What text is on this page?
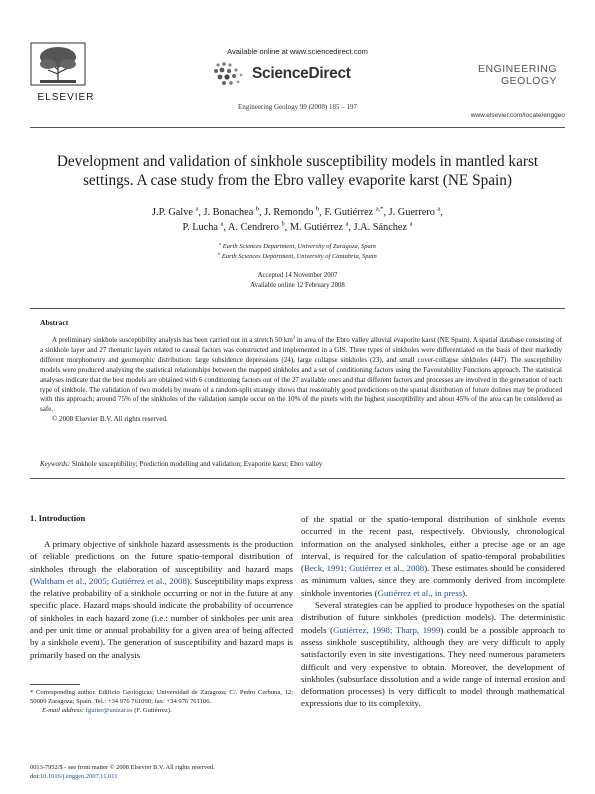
ELSEVIER
Available online at www.sciencedirect.com
ScienceDirect
Engineering Geology 99 (2008) 185 – 197
ENGINEERING
GEOLOGY
www.elsevier.com/locate/enggeo
Development and validation of sinkhole susceptibility models in mantled karst settings. A case study from the Ebro valley evaporite karst (NE Spain)
J.P. Galve $^a$, J. Bonachea $^b$, J. Remondo $^b$, F. Gutiérrez $^{a,*}$, J. Guerrero $^a$,
P. Lucha $^a$, A. Cendrero $^b$, M. Gutiérrez $^a$, J.A. Sánchez $^a$
$^a$ Earth Sciences Department, University of Zaragoza, Spain
$^b$ Earth Sciences Department, University of Cantabria, Spain
Accepted 14 November 2007
Available online 12 February 2008
Abstract

A preliminary sinkhole susceptibility analysis has been carried out in a stretch 50 $km^2$ in area of the Ebro valley alluvial evaporite karst (NE Spain). A spatial database consisting of a sinkhole layer and 27 thematic layers related to causal factors was constructed and implemented in a GIS. Three types of sinkholes were differentiated on the basis of their markedly different morphometry and geomorphic distribution: large subsidence depressions (24), large collapse sinkholes (23), and small cover-collapse sinkholes (447). The susceptibility models were produced analysing the statistical relationships between the mapped sinkholes and a set of conditioning factors using the Favourability Functions approach. The statistical analyses indicate that the best models are obtained with 6 conditioning factors out of the 27 available ones and that different factors and processes are involved in the generation of each type of sinkhole. The validation of two models by means of a random-split strategy shows that reasonably good predictions on the spatial distribution of future dolines may be produced with this approach; around 75% of the sinkholes of the validation sample occur on the 10% of the pixels with the highest susceptibility and about 45% of the area can be considered as safe.

© 2008 Elsevier B.V. All rights reserved.

Keywords: Sinkhole susceptibility; Prediction modelling and validation; Evaporite karst; Ebro valley
1. Introduction

A primary objective of sinkhole hazard assessments is the production of reliable predictions on the future spatio-temporal distribution of sinkholes through the elaboration of susceptibility and hazard maps (Waltham et al., 2005; Gutiérrez et al., 2008). Susceptibility maps express the relative probability of a sinkhole occurring or not in the future at any specific place. Hazard maps should indicate the probability of occurrence of sinkholes in each hazard zone (i.e.: number of sinkholes per unit area and per unit time or annual probability for a given area of being affected by a sinkhole event). The generation of susceptibility and hazard maps is primarily based on the analysis

of the spatial or the spatio-temporal distribution of sinkhole events occurred in the recent past, respectively. Obviously, chronological information on the analysed sinkholes, either a precise age or an age interval, is required for the calculation of spatio-temporal probabilities (Beck, 1991; Gutiérrez et al., 2008). These estimates should be considered as minimum values, since they are commonly derived from incomplete sinkhole inventories (Gutiérrez et al., in press).

Several strategies can be applied to produce hypotheses on the spatial distribution of future sinkholes (prediction models). The deterministic models (Gutiérrez, 1998; Tharp, 1999) could be a possible approach to assess sinkhole susceptibility, although they are very difficult to apply satisfactorily even in site investigations. They need numerous parameters difficult and very expensive to obtain. Moreover, the development of sinkholes (subsurface dissolution and a wide range of internal erosion and deformation processes) is very difficult to model through mathematical expressions due to its complexity.

* Corresponding author. Edificio Geológicas; Universidad de Zaragoza; C/. Pedro Cerbuna, 12; 50009 Zaragoza; Spain. Tel.: +34 976 761090; fax: +34 976 761106.

E-mail address: fgutier@unizar.es (F. Gutiérrez).

0013-7952/$ - see front matter © 2008 Elsevier B.V. All rights reserved.
doi:10.1016/j.enggeo.2007.11.011
